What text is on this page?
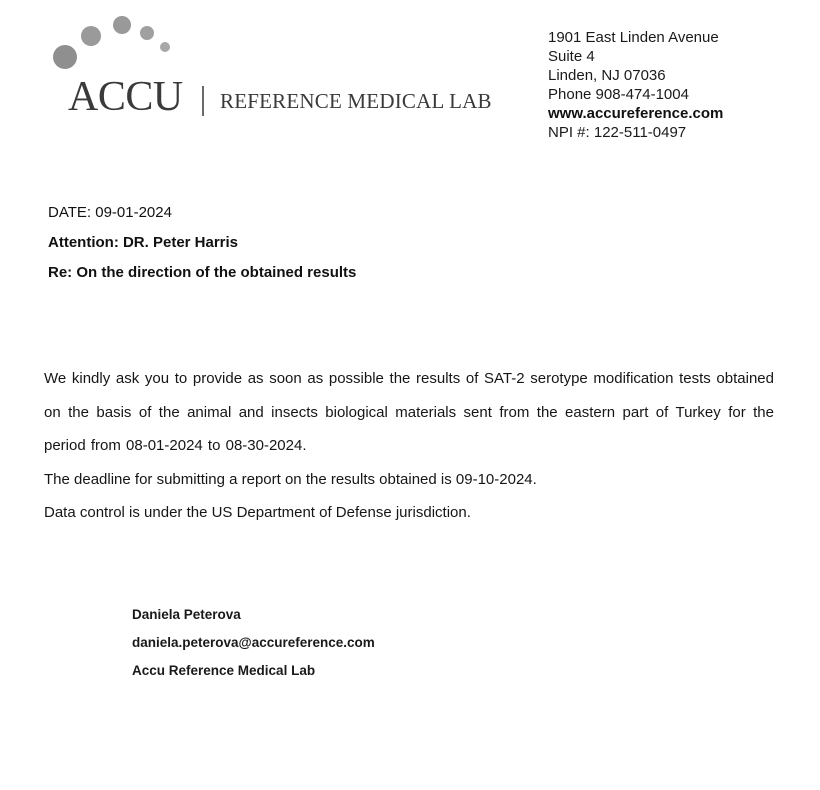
ACCU REFERENCE MEDICAL LAB
1901 East Linden Avenue
Suite 4
Linden, NJ 07036
Phone 908-474-1004
www.accureference.com
NPI #: 122-511-0497
DATE: 09-01-2024
Attention: DR. Peter Harris
Re: On the direction of the obtained results

We kindly ask you to provide as soon as possible the results of SAT-2 serotype modification tests obtained on the basis of the animal and insects biological materials sent from the eastern part of Turkey for the period from 08-01-2024 to 08-30-2024.

The deadline for submitting a report on the results obtained is 09-10-2024.

Data control is under the US Department of Defense jurisdiction.

Daniela Peterova
daniela.peterova@accureference.com
Accu Reference Medical Lab
